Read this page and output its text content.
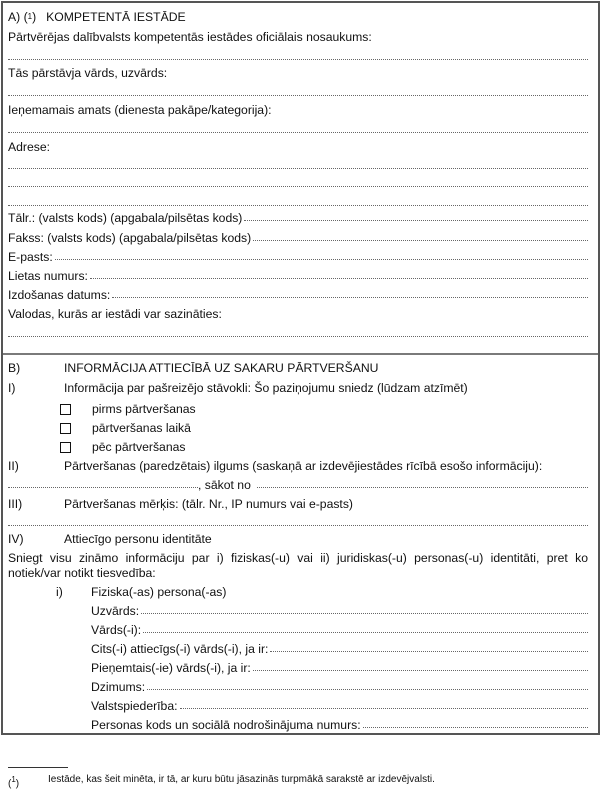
A) ( 1 ) KOMPETENTĀ IESTĀDE
Pārtvērējas dalībvalsts kompetentās iestādes oficiālais nosaukums:
Tās pārstāvja vārds, uzvārds:
Ieņemamais amats (dienesta pakāpe/kategorija):
Adrese:
Tālr.: (valsts kods) (apgabala/pilsētas kods)
Fakss: (valsts kods) (apgabala/pilsētas kods)
E-pasts:
Lietas numurs:
Izdošanas datums:
Valodas, kurās ar iestādi var sazināties:
B)	INFORMĀCIJA ATTIECĪBĀ UZ SAKARU PĀRTVERŠANU
I)	Informācija par pašreizējo stāvokli: Šo paziņojumu sniedz (lūdzam atzīmēt)
pirms pārtveršanas
pārtveršanas laikā
pēc pārtveršanas
II)	Pārtveršanas (paredzētais) ilgums (saskaņā ar izdevējiestādes rīcībā esošo informāciju):
, sākot no
III)	Pārtveršanas mērķis: (tālr. Nr., IP numurs vai e-pasts)
IV)	Attiecīgo personu identitāte
Sniegt visu zināmo informāciju par i) fiziskas(-u) vai ii) juridiskas(-u) personas(-u) identitāti, pret ko notiek/var notikt tiesvedība:
i)	Fiziska(-as) persona(-as)
Uzvārds:
Vārds(-i):
Cits(-i) attiecīgs(-i) vārds(-i), ja ir:
Pieņemtais(-ie) vārds(-i), ja ir:
Dzimums:
Valstspiederība:
Personas kods un sociālā nodrošinājuma numurs:
($^1$)	Iestāde, kas šeit minēta, ir tā, ar kuru būtu jāsazinās turpmākā sarakstē ar izdevējvalsti.
